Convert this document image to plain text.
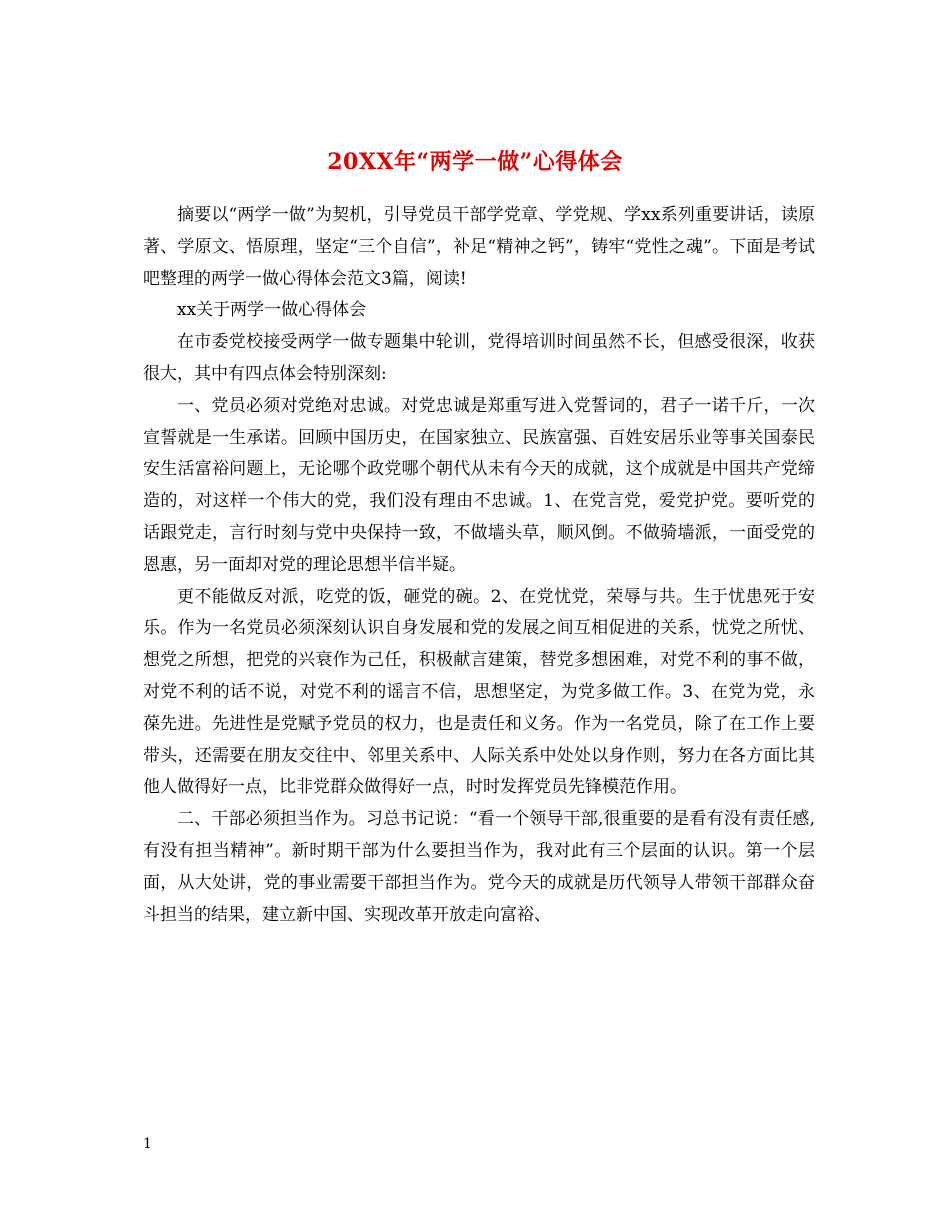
20XX年“两学一做”心得体会

摘要以“两学一做”为契机，引导党员干部学党章、学党规、学xx系列重要讲话，读原著、学原文、悟原理，坚定“三个自信”，补足“精神之钙”，铸牢“党性之魂”。下面是考试吧整理的两学一做心得体会范文3篇，阅读!

xx关于两学一做心得体会

在市委党校接受两学一做专题集中轮训，党得培训时间虽然不长，但感受很深，收获很大，其中有四点体会特别深刻:

一、党员必须对党绝对忠诚。对党忠诚是郑重写进入党誓词的，君子一诺千斤，一次宣誓就是一生承诺。回顾中国历史，在国家独立、民族富强、百姓安居乐业等事关国泰民安生活富裕问题上，无论哪个政党哪个朝代从未有今天的成就，这个成就是中国共产党缔造的，对这样一个伟大的党，我们没有理由不忠诚。1、在党言党，爱党护党。要听党的话跟党走，言行时刻与党中央保持一致，不做墙头草，顺风倒。不做骑墙派，一面受党的恩惠，另一面却对党的理论思想半信半疑。

更不能做反对派，吃党的饭，砸党的碗。2、在党忧党，荣辱与共。生于忧患死于安乐。作为一名党员必须深刻认识自身发展和党的发展之间互相促进的关系，忧党之所忧、想党之所想，把党的兴衰作为己任，积极献言建策，替党多想困难，对党不利的事不做，对党不利的话不说，对党不利的谣言不信，思想坚定，为党多做工作。3、在党为党，永葆先进。先进性是党赋予党员的权力，也是责任和义务。作为一名党员，除了在工作上要带头，还需要在朋友交往中、邻里关系中、人际关系中处处以身作则，努力在各方面比其他人做得好一点，比非党群众做得好一点，时时发挥党员先锋模范作用。

二、干部必须担当作为。习总书记说：“看一个领导干部,很重要的是看有没有责任感,有没有担当精神”。新时期干部为什么要担当作为，我对此有三个层面的认识。第一个层面，从大处讲，党的事业需要干部担当作为。党今天的成就是历代领导人带领干部群众奋斗担当的结果，建立新中国、实现改革开放走向富裕、

1
